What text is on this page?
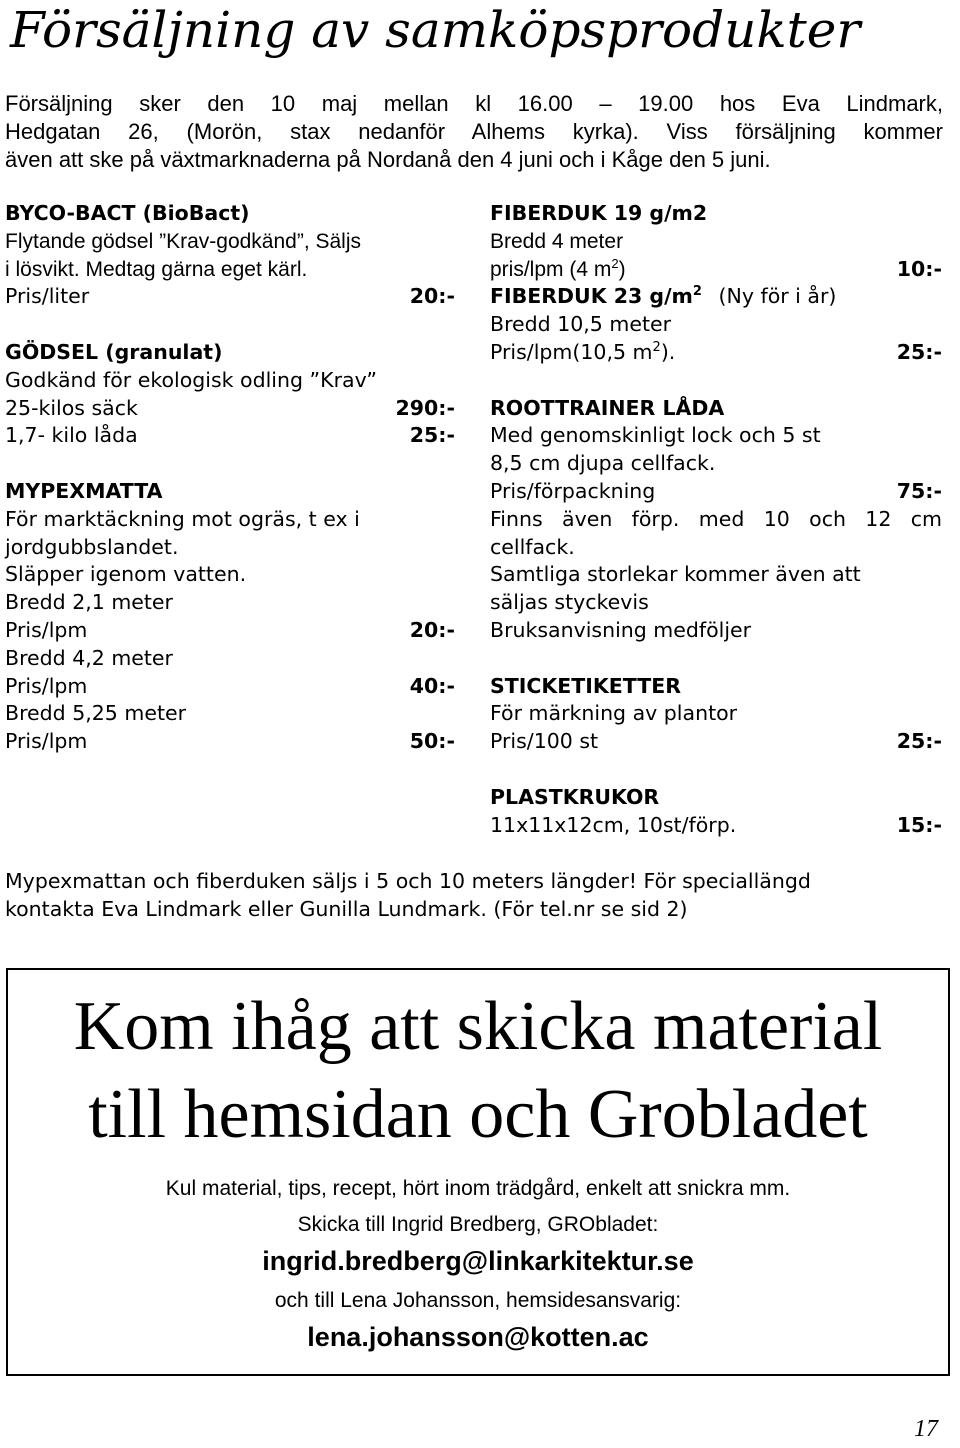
Försäljning av samköpsprodukter
Försäljning sker den 10 maj mellan kl 16.00 – 19.00 hos Eva Lindmark,
Hedgatan 26, (Morön, stax nedanför Alhems kyrka). Viss försäljning kommer
även att ske på växtmarknaderna på Nordanå den 4 juni och i Kåge den 5 juni.
BYCO-BACT (BioBact)
Flytande gödsel ”Krav-godkänd”, Säljs
i lösvikt. Medtag gärna eget kärl.
Pris/liter	20:-
GÖDSEL (granulat)
Godkänd för ekologisk odling ”Krav”
25-kilos säck	290:-
1,7- kilo låda	25:-
MYPEXMATTA
För marktäckning mot ogräs, t ex i
jordgubbslandet.
Släpper igenom vatten.
Bredd 2,1 meter
Pris/lpm	20:-
Bredd 4,2 meter
Pris/lpm	40:-
Bredd 5,25 meter
Pris/lpm	50:-
FIBERDUK 19 g/m2
Bredd 4 meter
pris/lpm (4 $m^2$)	10:-
FIBERDUK 23 $g/m^2$ (Ny för i år)
Bredd 10,5 meter
Pris/lpm(10,5 $m^2$).	25:-
ROOTTRAINER LÅDA
Med genomskinligt lock och 5 st
8,5 cm djupa cellfack.
Pris/förpackning	75:-
Finns även förp. med 10 och 12 cm
cellfack.
Samtliga storlekar kommer även att
säljas styckevis
Bruksanvisning medföljer
STICKETIKETTER
För märkning av plantor
Pris/100 st	25:-
PLASTKRUKOR
11x11x12cm, 10st/förp.	15:-
Mypexmattan och fiberduken säljs i 5 och 10 meters längder! För speciallängd
kontakta Eva Lindmark eller Gunilla Lundmark. (För tel.nr se sid 2)
Kom ihåg att skicka material
till hemsidan och Grobladet
Kul material, tips, recept, hört inom trädgård, enkelt att snickra mm.
Skicka till Ingrid Bredberg, GRObladet:
ingrid.bredberg@linkarkitektur.se
och till Lena Johansson, hemsidesansvarig:
lena.johansson@kotten.ac
17
